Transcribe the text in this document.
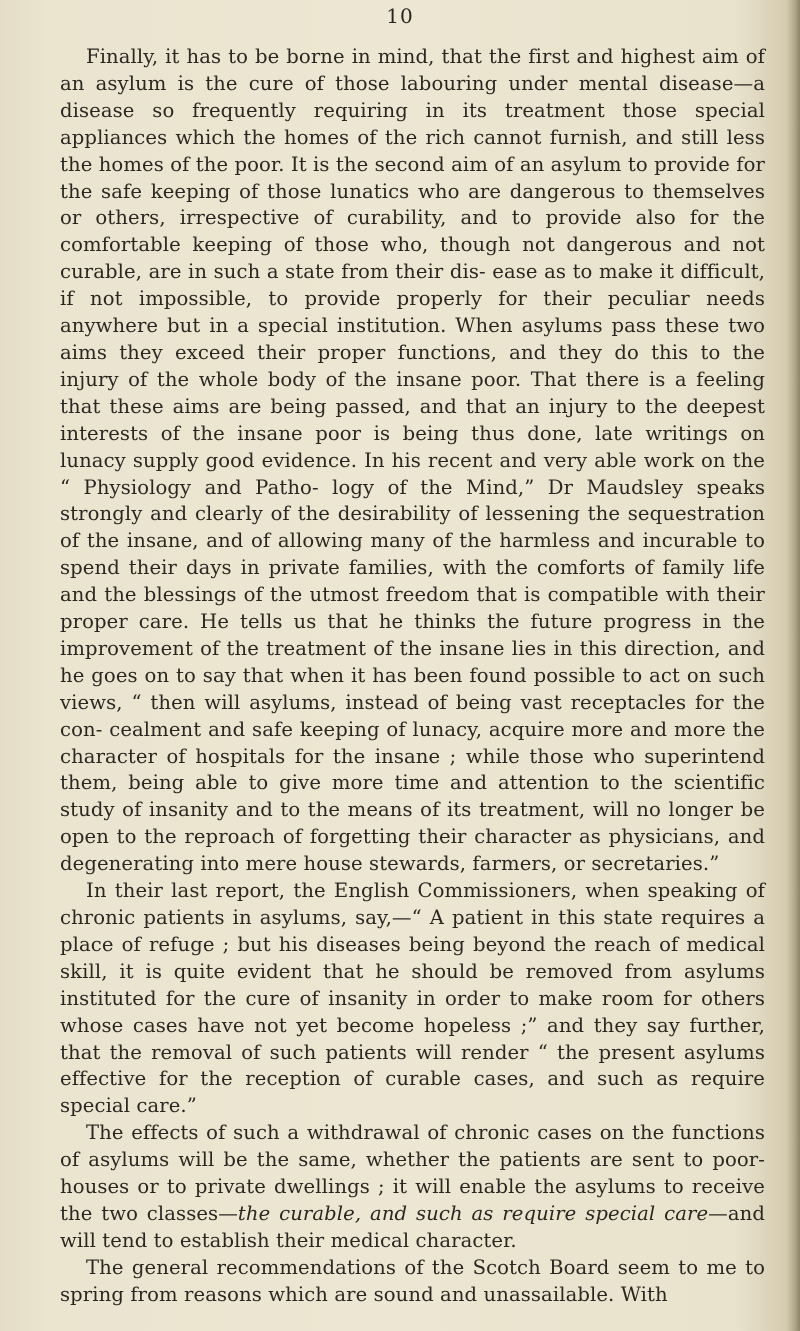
10

Finally, it has to be borne in mind, that the first and highest aim of an asylum is the cure of those labouring under mental disease—a disease so frequently requiring in its treatment those special appliances which the homes of the rich cannot furnish, and still less the homes of the poor. It is the second aim of an asylum to provide for the safe keeping of those lunatics who are dangerous to themselves or others, irrespective of curability, and to provide also for the comfortable keeping of those who, though not dangerous and not curable, are in such a state from their dis- ease as to make it difficult, if not impossible, to provide properly for their peculiar needs anywhere but in a special institution. When asylums pass these two aims they exceed their proper functions, and they do this to the injury of the whole body of the insane poor. That there is a feeling that these aims are being passed, and that an injury to the deepest interests of the insane poor is being thus done, late writings on lunacy supply good evidence. In his recent and very able work on the “ Physiology and Patho- logy of the Mind,” Dr Maudsley speaks strongly and clearly of the desirability of lessening the sequestration of the insane, and of allowing many of the harmless and incurable to spend their days in private families, with the comforts of family life and the blessings of the utmost freedom that is compatible with their proper care. He tells us that he thinks the future progress in the improvement of the treatment of the insane lies in this direction, and he goes on to say that when it has been found possible to act on such views, “ then will asylums, instead of being vast receptacles for the con- cealment and safe keeping of lunacy, acquire more and more the character of hospitals for the insane ; while those who superintend them, being able to give more time and attention to the scientific study of insanity and to the means of its treatment, will no longer be open to the reproach of forgetting their character as physicians, and degenerating into mere house stewards, farmers, or secretaries.”

In their last report, the English Commissioners, when speaking of chronic patients in asylums, say,—“ A patient in this state requires a place of refuge ; but his diseases being beyond the reach of medical skill, it is quite evident that he should be removed from asylums instituted for the cure of insanity in order to make room for others whose cases have not yet become hopeless ;” and they say further, that the removal of such patients will render “ the present asylums effective for the reception of curable cases, and such as require special care.”

The effects of such a withdrawal of chronic cases on the functions of asylums will be the same, whether the patients are sent to poor- houses or to private dwellings ; it will enable the asylums to receive the two classes—the curable, and such as require special care—and will tend to establish their medical character.

The general recommendations of the Scotch Board seem to me to spring from reasons which are sound and unassailable. With
